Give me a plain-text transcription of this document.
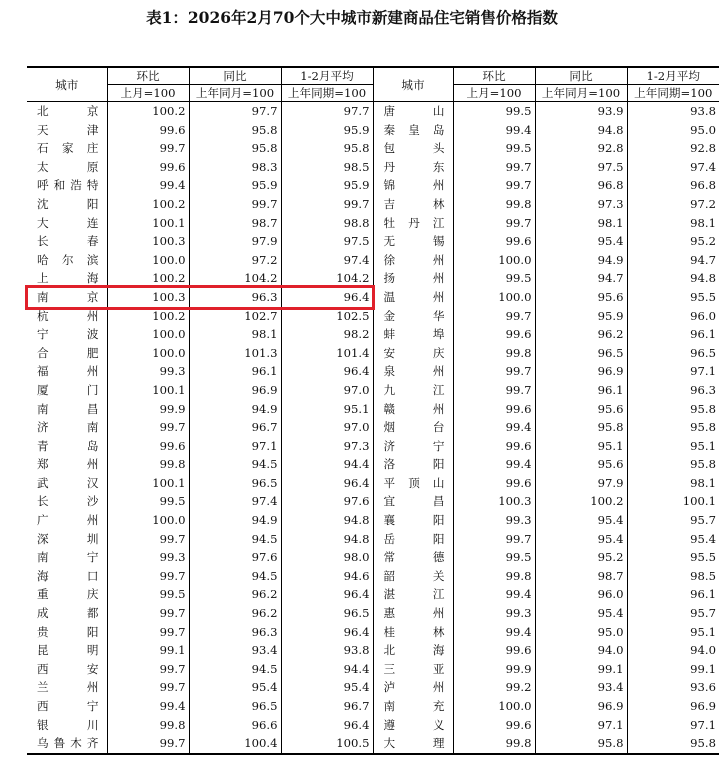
表1：2026年2月70个大中城市新建商品住宅销售价格指数
城市	环比	同比	1-2月平均	城市	环比	同比	1-2月平均
	上月=100	上年同月=100	上年同期=100		上月=100	上年同月=100	上年同期=100
北京	100.2	97.7	97.7	唐山	99.5	93.9	93.8
天津	99.6	95.8	95.9	秦皇岛	99.4	94.8	95.0
石家庄	99.7	95.8	95.8	包头	99.5	92.8	92.8
太原	99.6	98.3	98.5	丹东	99.7	97.5	97.4
呼和浩特	99.4	95.9	95.9	锦州	99.7	96.8	96.8
沈阳	100.2	99.7	99.7	吉林	99.8	97.3	97.2
大连	100.1	98.7	98.8	牡丹江	99.7	98.1	98.1
长春	100.3	97.9	97.5	无锡	99.6	95.4	95.2
哈尔滨	100.0	97.2	97.4	徐州	100.0	94.9	94.7
上海	100.2	104.2	104.2	扬州	99.5	94.7	94.8
南京	100.3	96.3	96.4	温州	100.0	95.6	95.5
杭州	100.2	102.7	102.5	金华	99.7	95.9	96.0
宁波	100.0	98.1	98.2	蚌埠	99.6	96.2	96.1
合肥	100.0	101.3	101.4	安庆	99.8	96.5	96.5
福州	99.3	96.1	96.4	泉州	99.7	96.9	97.1
厦门	100.1	96.9	97.0	九江	99.7	96.1	96.3
南昌	99.9	94.9	95.1	赣州	99.6	95.6	95.8
济南	99.7	96.7	97.0	烟台	99.4	95.8	95.8
青岛	99.6	97.1	97.3	济宁	99.6	95.1	95.1
郑州	99.8	94.5	94.4	洛阳	99.4	95.6	95.8
武汉	100.1	96.5	96.4	平顶山	99.6	97.9	98.1
长沙	99.5	97.4	97.6	宜昌	100.3	100.2	100.1
广州	100.0	94.9	94.8	襄阳	99.3	95.4	95.7
深圳	99.7	94.5	94.8	岳阳	99.7	95.4	95.4
南宁	99.3	97.6	98.0	常德	99.5	95.2	95.5
海口	99.7	94.5	94.6	韶关	99.8	98.7	98.5
重庆	99.5	96.2	96.4	湛江	99.4	96.0	96.1
成都	99.7	96.2	96.5	惠州	99.3	95.4	95.7
贵阳	99.7	96.3	96.4	桂林	99.4	95.0	95.1
昆明	99.1	93.4	93.8	北海	99.6	94.0	94.0
西安	99.7	94.5	94.4	三亚	99.9	99.1	99.1
兰州	99.7	95.4	95.4	泸州	99.2	93.4	93.6
西宁	99.4	96.5	96.7	南充	100.0	96.9	96.9
银川	99.8	96.6	96.4	遵义	99.6	97.1	97.1
乌鲁木齐	99.7	100.4	100.5	大理	99.8	95.8	95.8
